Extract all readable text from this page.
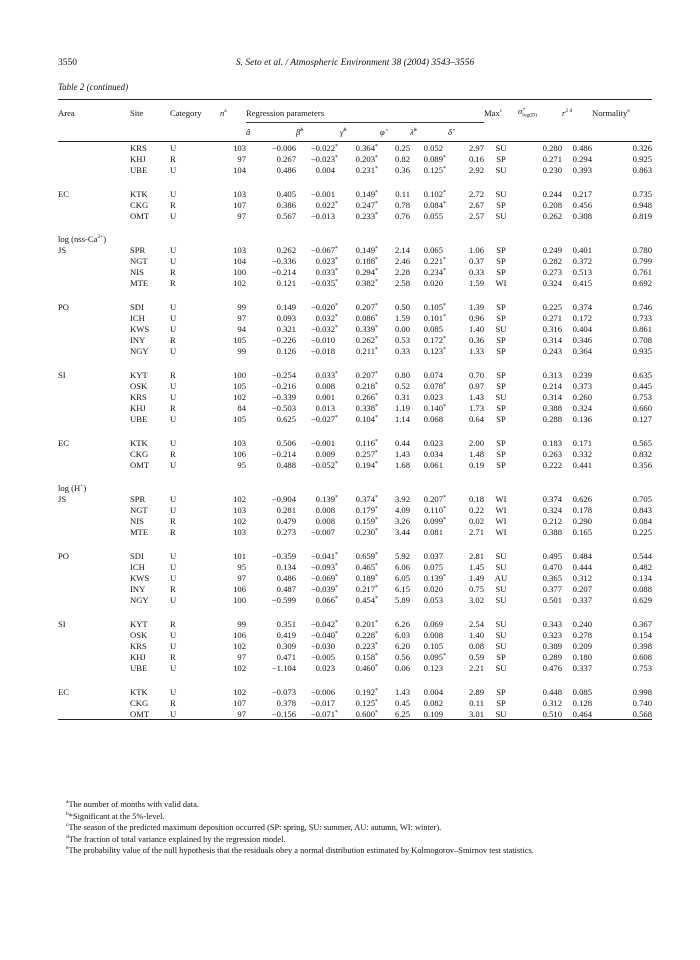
3550	S. Seto et al. / Atmospheric Environment 38 (2004) 3543–3556
Table 2 (continued)
Area	Site	Category	$n^a$	Regression parameters						Max$^c$	$\sigmâ_{log(D)}$	$r^{2 d}$	Normality$^e$
				â	β̂$^b$	γ̂$^b$	φ̂	λ̂$^b$	δ̂				
	KRS	U	103	−0.006	−0.022*	0.364*	0.25	0.052	2.97	SU	0.280	0.486	0.326
	KHJ	R	97	0.267	−0.023*	0.203*	0.82	0.089*	0.16	SP	0.271	0.294	0.925
	UBE	U	104	0.486	0.004	0.231*	0.36	0.125*	2.92	SU	0.230	0.393	0.863

EC	KTK	U	103	0.405	−0.001	0.149*	0.11	0.102*	2.72	SU	0.244	0.217	0.735
	CKG	R	107	0.386	0.022*	0.247*	0.78	0.084*	2.67	SP	0.208	0.456	0.948
	OMT	U	97	0.567	−0.013	0.233*	0.76	0.055	2.57	SU	0.262	0.308	0.819

$\log (nss-Ca^{2+})$													
JS	SPR	U	103	0.262	−0.067*	0.149*	2.14	0.065	1.06	SP	0.249	0.401	0.780
	NGT	U	104	−0.336	0.023*	0.188*	2.46	0.221*	0.37	SP	0.282	0.372	0.799
	NIS	R	100	−0.214	0.033*	0.294*	2.28	0.234*	0.33	SP	0.273	0.513	0.761
	MTE	R	102	0.121	−0.035*	0.382*	2.58	0.020	1.59	WI	0.324	0.415	0.692

PO	SDI	U	99	0.149	−0.020*	0.207*	0.50	0.105*	1.39	SP	0.225	0.374	0.746
	ICH	U	97	0.093	0.032*	0.086*	1.59	0.101*	0.96	SP	0.271	0.172	0.733
	KWS	U	94	0.321	−0.032*	0.339*	0.00	0.085	1.40	SU	0.316	0.404	0.861
	INY	R	105	−0.226	−0.010	0.262*	0.53	0.172*	0.36	SP	0.314	0.346	0.708
	NGY	U	99	0.126	−0.018	0.211*	0.33	0.123*	1.33	SP	0.243	0.364	0.935

SI	KYT	R	100	−0.254	0.033*	0.207*	0.80	0.074	0.70	SP	0.313	0.239	0.635
	OSK	U	105	−0.216	0.008	0.218*	0.52	0.078*	0.97	SP	0.214	0.373	0.445
	KRS	U	102	−0.339	0.001	0.266*	0.31	0.023	1.43	SU	0.314	0.260	0.753
	KHJ	R	84	−0.503	0.013	0.338*	1.19	0.140*	1.73	SP	0.388	0.324	0.660
	UBE	U	105	0.625	−0.027*	0.104*	1.14	0.068	0.64	SP	0.288	0.136	0.127

EC	KTK	U	103	0.506	−0.001	0.116*	0.44	0.023	2.00	SP	0.183	0.171	0.565
	CKG	R	106	−0.214	0.009	0.257*	1.43	0.034	1.48	SP	0.263	0.332	0.832
	OMT	U	95	0.488	−0.052*	0.194*	1.68	0.061	0.19	SP	0.222	0.441	0.356

log (H+)													
JS	SPR	U	102	−0.904	0.139*	0.374*	3.92	0.207*	0.18	WI	0.374	0.626	0.705
	NGT	U	103	0.281	0.008	0.179*	4.09	0.110*	0.22	WI	0.324	0.178	0.843
	NIS	R	102	0.479	0.008	0.159*	3.26	0.099*	0.02	WI	0.212	0.290	0.084
	MTE	R	103	0.273	−0.007	0.230*	3.44	0.081	2.71	WI	0.388	0.165	0.225

PO	SDI	U	101	−0.359	−0.041*	0.659*	5.92	0.037	2.81	SU	0.495	0.484	0.544
	ICH	U	95	0.134	−0.093*	0.465*	6.06	0.075	1.45	SU	0.470	0.444	0.482
	KWS	U	97	0.486	−0.069*	0.189*	6.05	0.139*	1.49	AU	0.365	0.312	0.134
	INY	R	106	0.487	−0.039*	0.217*	6.15	0.020	0.75	SU	0.377	0.207	0.088
	NGY	U	100	−0.599	0.066*	0.454*	5.89	0.053	3.02	SU	0.501	0.337	0.629

SI	KYT	R	99	0.351	−0.042*	0.201*	6.26	0.069	2.54	SU	0.343	0.240	0.367
	OSK	U	106	0.419	−0.040*	0.228*	6.03	0.008	1.40	SU	0.323	0.278	0.154
	KRS	U	102	0.309	−0.030	0.223*	6.20	0.105	0.08	SU	0.389	0.209	0.398
	KHJ	R	97	0.471	−0.005	0.158*	0.56	0.095*	0.59	SP	0.289	0.180	0.608
	UBE	U	102	−1.104	0.023	0.460*	0.06	0.123	2.21	SU	0.476	0.337	0.753

EC	KTK	U	102	−0.073	−0.006	0.192*	1.43	0.004	2.89	SP	0.448	0.085	0.998
	CKG	R	107	0.378	−0.017	0.125*	0.45	0.082	0.11	SP	0.312	0.128	0.740
	OMT	U	97	−0.156	−0.071*	0.600*	6.25	0.109	3.01	SU	0.510	0.464	0.568
$^a$The number of months with valid data.
$^b$*Significant at the 5%-level.
$^c$The season of the predicted maximum deposition occurred (SP: spring, SU: summer, AU: autumn, WI: winter).
$^d$The fraction of total variance explained by the regression model.
$^e$The probability value of the null hypothesis that the residuals obey a normal distribution estimated by Kolmogorov–Smirnov test statistics.
